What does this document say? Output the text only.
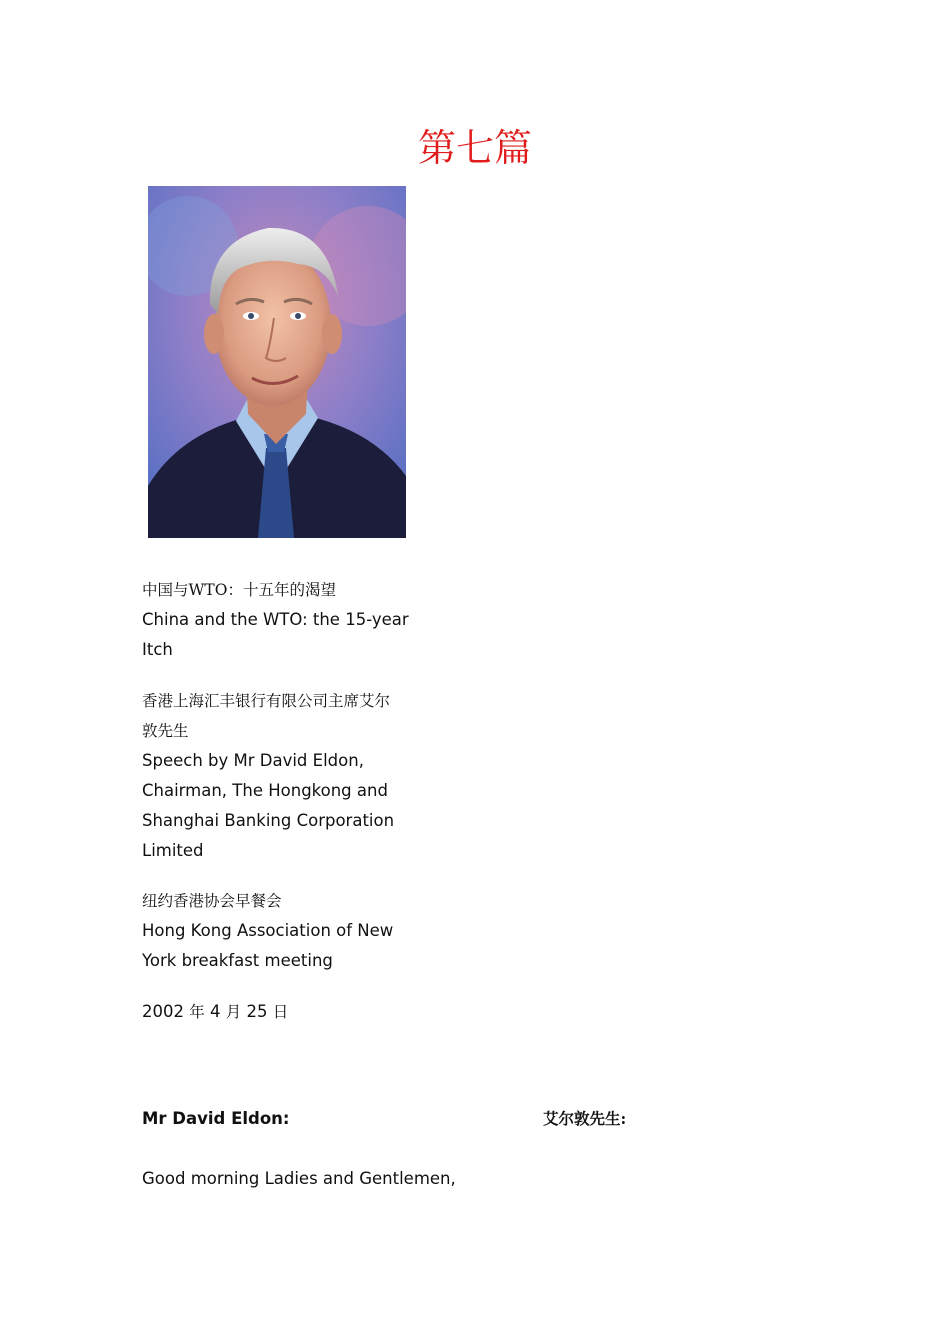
第七篇
中国与WTO：十五年的渴望
China and the WTO: the 15-year
Itch
香港上海汇丰银行有限公司主席艾尔
敦先生
Speech by Mr David Eldon,
Chairman, The Hongkong and
Shanghai Banking Corporation
Limited
纽约香港协会早餐会
Hong Kong Association of New
York breakfast meeting
2002 年 4 月 25 日
Mr David Eldon:	艾尔敦先生:
Good morning Ladies and Gentlemen,
